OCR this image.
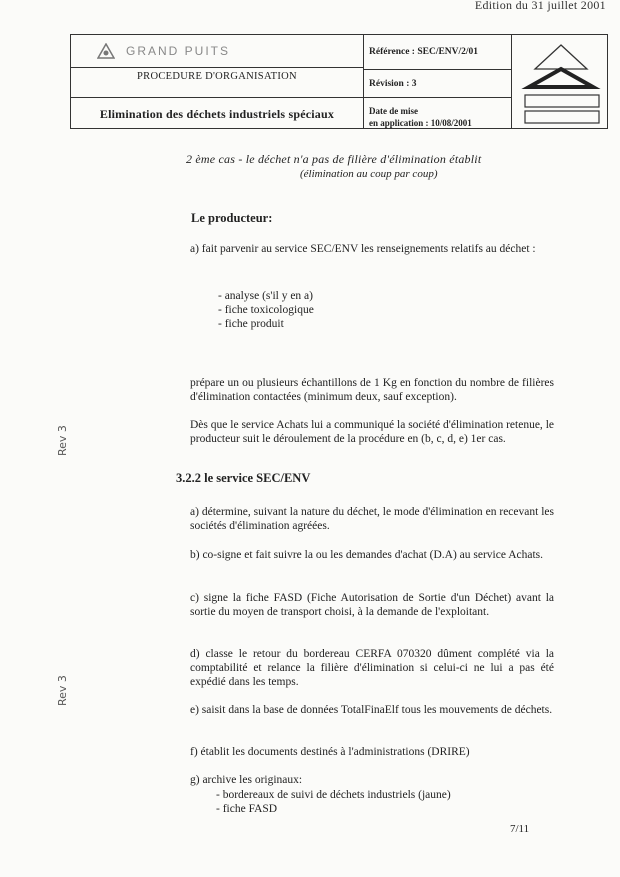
Edition du 31 juillet 2001
GRAND PUITS
PROCEDURE D'ORGANISATION
Elimination des déchets industriels spéciaux
Référence : SEC/ENV/2/01
Révision : 3
Date de mise
en application : 10/08/2001
2 ème cas - le déchet n'a pas de filière d'élimination établit
(élimination au coup par coup)
Le producteur:
a) fait parvenir au service SEC/ENV les renseignements relatifs au déchet :
- analyse (s'il y en a)
- fiche toxicologique
- fiche produit
prépare un ou plusieurs échantillons de 1 Kg en fonction du nombre de filières d'élimination contactées (minimum deux, sauf exception).
Dès que le service Achats lui a communiqué la société d'élimination retenue, le producteur suit le déroulement de la procédure en (b, c, d, e) 1er cas.
3.2.2 le service SEC/ENV
a) détermine, suivant la nature du déchet, le mode d'élimination en recevant les sociétés d'élimination agréées.
b) co-signe et fait suivre la ou les demandes d'achat (D.A) au service Achats.
c) signe la fiche FASD (Fiche Autorisation de Sortie d'un Déchet) avant la sortie du moyen de transport choisi, à la demande de l'exploitant.
d) classe le retour du bordereau CERFA 070320 dûment complété via la comptabilité et relance la filière d'élimination si celui-ci ne lui a pas été expédié dans les temps.
e) saisit dans la base de données TotalFinaElf tous les mouvements de déchets.
f) établit les documents destinés à l'administrations (DRIRE)
g) archive les originaux:
- bordereaux de suivi de déchets industriels (jaune)
- fiche FASD
Rev 3
Rev 3
7/11
